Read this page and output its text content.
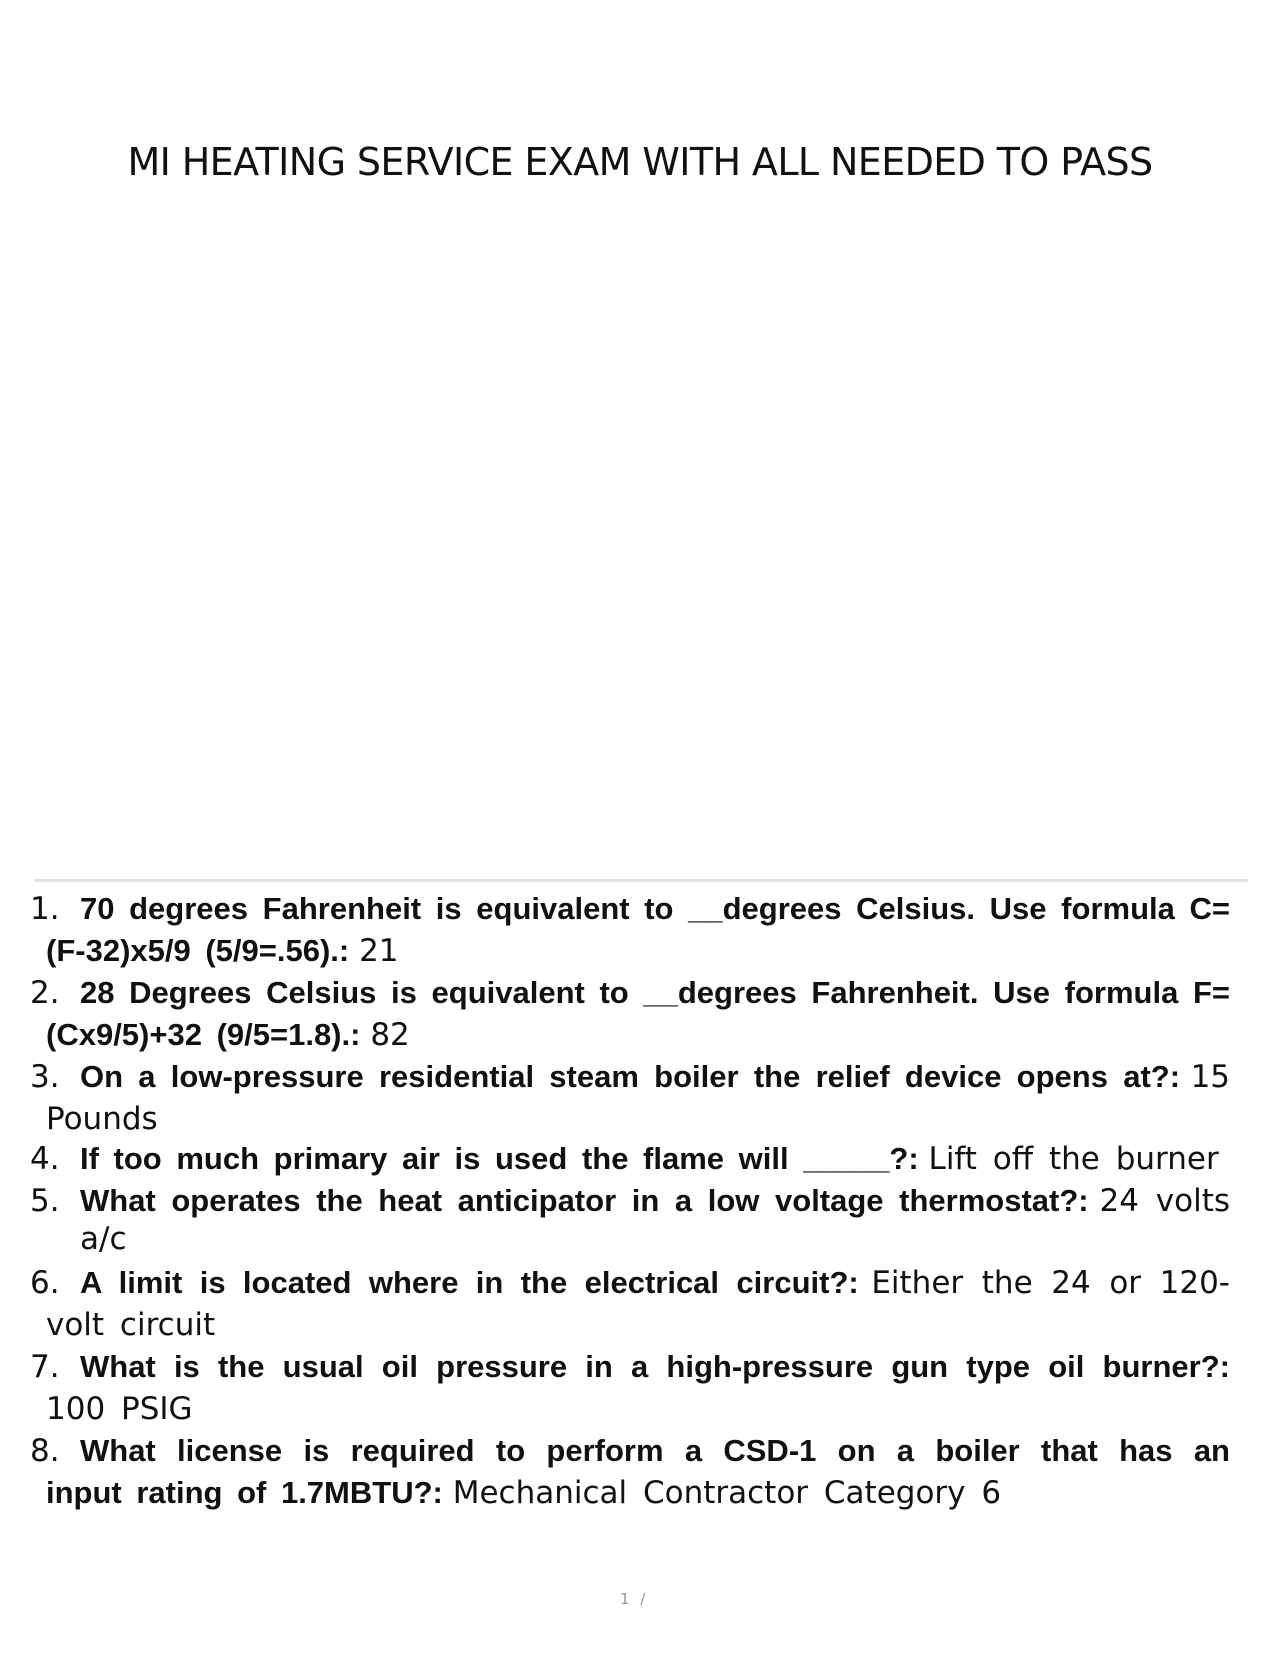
MI HEATING SERVICE EXAM WITH ALL NEEDED TO PASS
1. 70 degrees Fahrenheit is equivalent to __degrees Celsius. Use formula C=(F-32)x5/9 (5/9=.56).: 21
2. 28 Degrees Celsius is equivalent to __degrees Fahrenheit. Use formula F=(Cx9/5)+32 (9/5=1.8).: 82
3. On a low-pressure residential steam boiler the relief device opens at?: 15 Pounds
4. If too much primary air is used the flame will _____?: Lift off the burner
5. What operates the heat anticipator in a low voltage thermostat?: 24 volts a/c
6. A limit is located where in the electrical circuit?: Either the 24 or 120-volt circuit
7. What is the usual oil pressure in a high-pressure gun type oil burner?: 100 PSIG
8. What license is required to perform a CSD-1 on a boiler that has an input rating of 1.7MBTU?: Mechanical Contractor Category 6
1 /
